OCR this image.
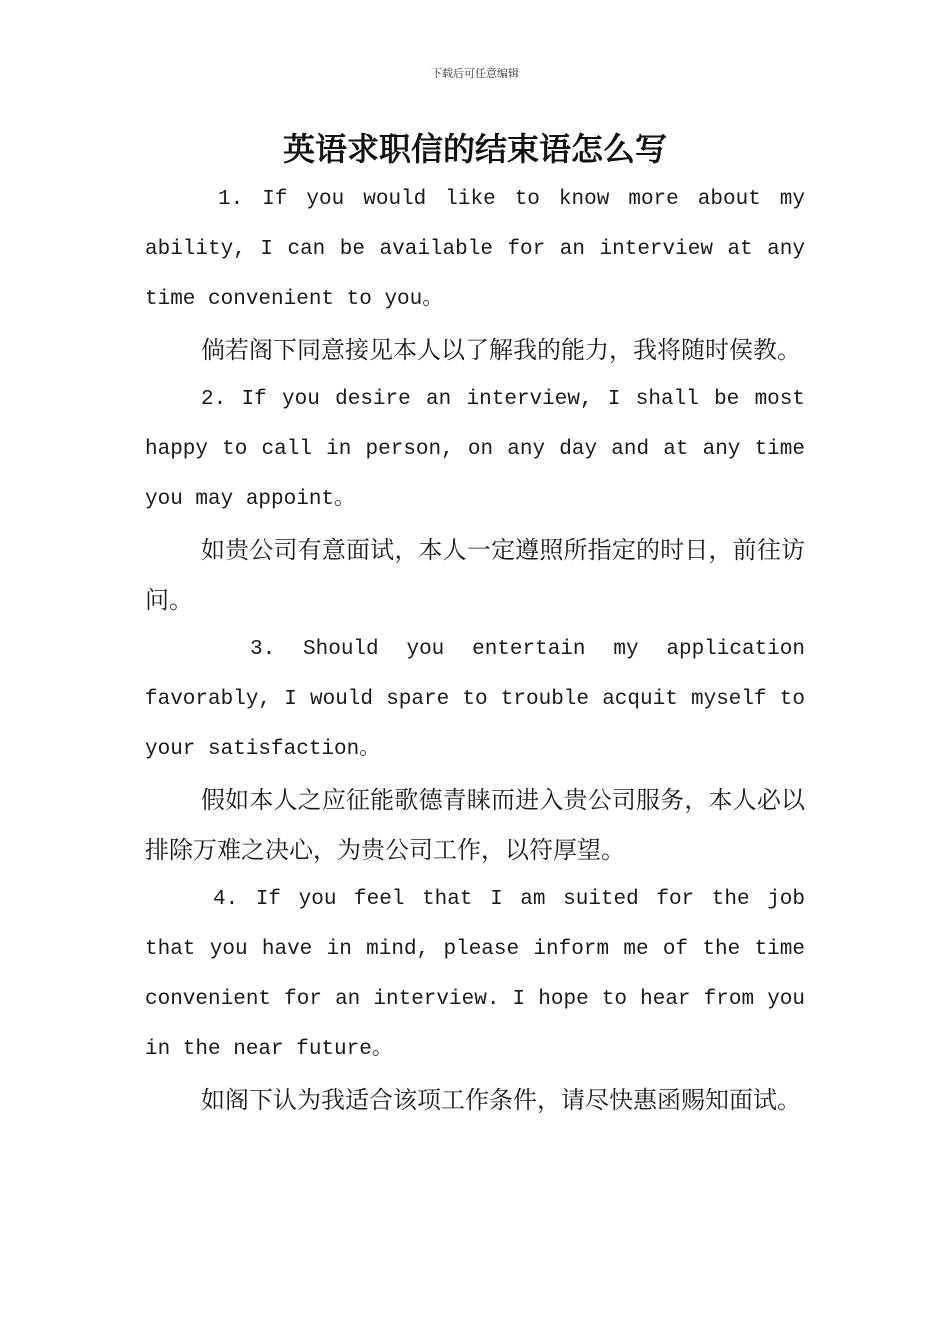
下载后可任意编辑
英语求职信的结束语怎么写

1. If you would like to know more about my ability, I can be available for an interview at any time convenient to you。

倘若阁下同意接见本人以了解我的能力，我将随时侯教。

2. If you desire an interview, I shall be most happy to call in person, on any day and at any time you may appoint。

如贵公司有意面试，本人一定遵照所指定的时日，前往访问。

3. Should you entertain my application favorably, I would spare to trouble acquit myself to your satisfaction。

假如本人之应征能歌德青睐而进入贵公司服务，本人必以排除万难之决心，为贵公司工作，以符厚望。

4. If you feel that I am suited for the job that you have in mind, please inform me of the time convenient for an interview. I hope to hear from you in the near future。

如阁下认为我适合该项工作条件，请尽快惠函赐知面试。
